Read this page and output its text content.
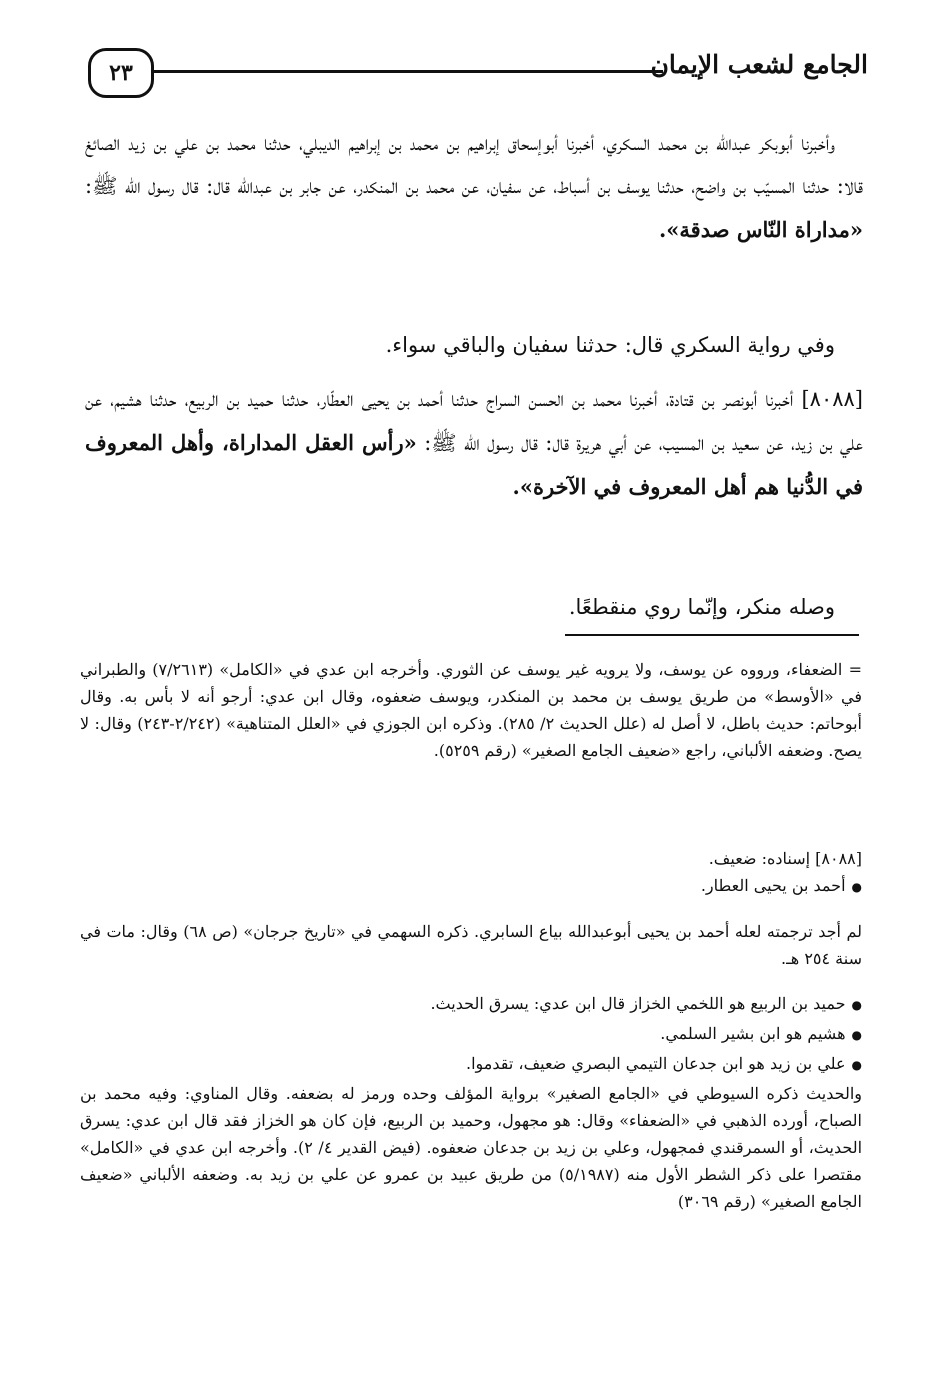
٢٣	الجامع لشعب الإيمان

وأخبرنا أبوبكر عبدالله بن محمد السكري، أخبرنا أبوإسحاق إبراهيم بن محمد بن إبراهيم الديبلي، حدثنا محمد بن علي بن زيد الصائغ قالا: حدثنا المسيّب بن واضح، حدثنا يوسف بن أسباط، عن سفيان، عن محمد بن المنكدر، عن جابر بن عبدالله قال: قال رسول الله ﷺ: «مداراة النّاس صدقة».

وفي رواية السكري قال: حدثنا سفيان والباقي سواء.

[٨٠٨٨] أخبرنا أبونصر بن قتادة، أخبرنا محمد بن الحسن السراج حدثنا أحمد بن يحيى العطّار، حدثنا حميد بن الربيع، حدثنا هشيم، عن علي بن زيد، عن سعيد بن المسيب، عن أبي هريرة قال: قال رسول الله ﷺ: «رأس العقل المداراة، وأهل المعروف في الدُّنيا هم أهل المعروف في الآخرة».

وصله منكر، وإنّما روي منقطعًا.

= الضعفاء، ورووه عن يوسف، ولا يرويه غير يوسف عن الثوري. وأخرجه ابن عدي في «الكامل» (٧/٢٦١٣) والطبراني في «الأوسط» من طريق يوسف بن محمد بن المنكدر، ويوسف ضعفوه، وقال ابن عدي: أرجو أنه لا بأس به. وقال أبوحاتم: حديث باطل، لا أصل له (علل الحديث ٢/ ٢٨٥). وذكره ابن الجوزي في «العلل المتناهية» (٢/٢٤٢-٢٤٣) وقال: لا يصح. وضعفه الألباني، راجع «ضعيف الجامع الصغير» (رقم ٥٢٥٩).

[٨٠٨٨] إسناده: ضعيف.

● أحمد بن يحيى العطار.

لم أجد ترجمته لعله أحمد بن يحيى أبوعبدالله بياع السابري. ذكره السهمي في «تاريخ جرجان» (ص ٦٨) وقال: مات في سنة ٢٥٤ هـ.

● حميد بن الربيع هو اللخمي الخزاز قال ابن عدي: يسرق الحديث.

● هشيم هو ابن بشير السلمي.

● علي بن زيد هو ابن جدعان التيمي البصري ضعيف، تقدموا.

والحديث ذكره السيوطي في «الجامع الصغير» برواية المؤلف وحده ورمز له بضعفه. وقال المناوي: وفيه محمد بن الصباح، أورده الذهبي في «الضعفاء» وقال: هو مجهول، وحميد بن الربيع، فإن كان هو الخزاز فقد قال ابن عدي: يسرق الحديث، أو السمرقندي فمجهول، وعلي بن زيد بن جدعان ضعفوه. (فيض القدير ٤/ ٢). وأخرجه ابن عدي في «الكامل» مقتصرا على ذكر الشطر الأول منه (٥/١٩٨٧) من طريق عبيد بن عمرو عن علي بن زيد به. وضعفه الألباني «ضعيف الجامع الصغير» (رقم ٣٠٦٩)
